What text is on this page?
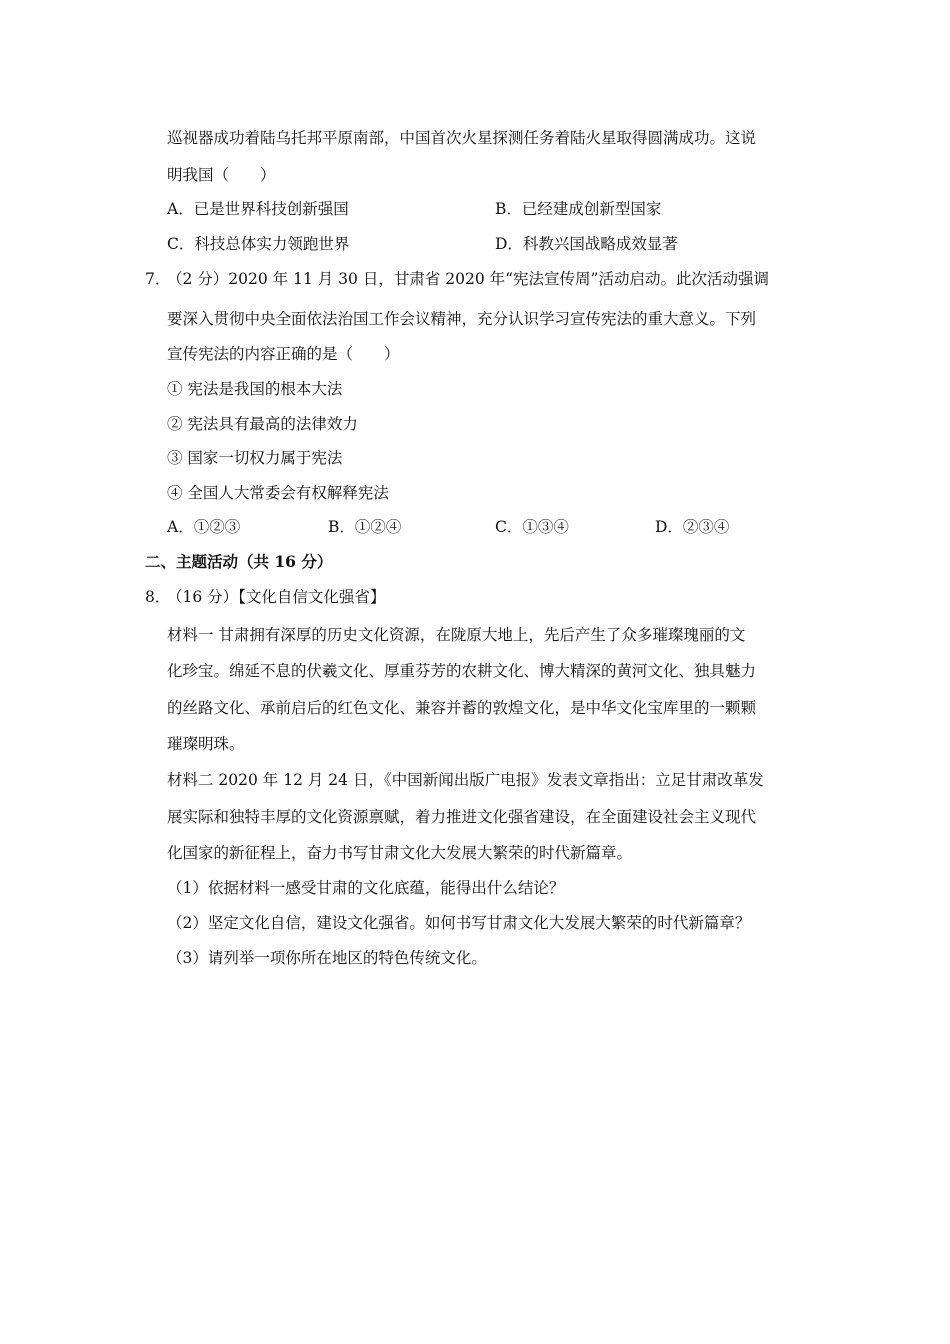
巡视器成功着陆乌托邦平原南部，中国首次火星探测任务着陆火星取得圆满成功。这说
明我国（　　）
A．已是世界科技创新强国	B．已经建成创新型国家
C．科技总体实力领跑世界	D．科教兴国战略成效显著
7．
（2 分）2020 年 11 月 30 日，甘肃省 2020 年“宪法宣传周”活动启动。此次活动强调
要深入贯彻中央全面依法治国工作会议精神，充分认识学习宣传宪法的重大意义。下列
宣传宪法的内容正确的是（　　）
① 宪法是我国的根本大法
② 宪法具有最高的法律效力
③ 国家一切权力属于宪法
④ 全国人大常委会有权解释宪法
A．①②③	B．①②④	C．①③④	D．②③④
二、主题活动（共 16 分）
8．
（16 分）【文化自信文化强省】
材料一 甘肃拥有深厚的历史文化资源，在陇原大地上，先后产生了众多璀璨瑰丽的文
化珍宝。绵延不息的伏羲文化、厚重芬芳的农耕文化、博大精深的黄河文化、独具魅力
的丝路文化、承前启后的红色文化、兼容并蓄的敦煌文化，是中华文化宝库里的一颗颗
璀璨明珠。
材料二 2020 年 12 月 24 日，《中国新闻出版广电报》发表文章指出：立足甘肃改革发
展实际和独特丰厚的文化资源禀赋，着力推进文化强省建设，在全面建设社会主义现代
化国家的新征程上，奋力书写甘肃文化大发展大繁荣的时代新篇章。
（1）依据材料一感受甘肃的文化底蕴，能得出什么结论？
（2）坚定文化自信，建设文化强省。如何书写甘肃文化大发展大繁荣的时代新篇章？
（3）请列举一项你所在地区的特色传统文化。
